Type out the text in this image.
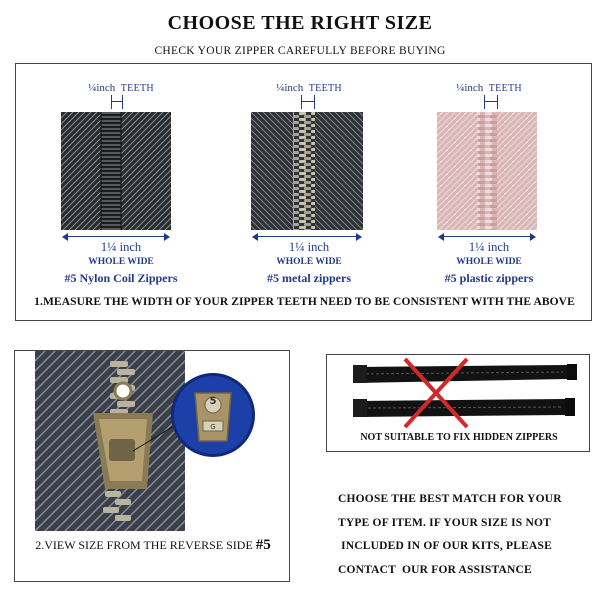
CHOOSE THE RIGHT SIZE
CHECK YOUR ZIPPER CAREFULLY BEFORE BUYING
¼inch TEETH
1¼ inch
WHOLE WIDE
#5 Nylon Coil Zippers
¼inch TEETH
1¼ inch
WHOLE WIDE
#5 metal zippers
¼inch TEETH
1¼ inch
WHOLE WIDE
#5 plastic zippers
1.MEASURE THE WIDTH OF YOUR ZIPPER TEETH NEED TO BE CONSISTENT WITH THE ABOVE
5
G
2.VIEW SIZE FROM THE REVERSE SIDE #5
NOT SUITABLE TO FIX HIDDEN ZIPPERS
CHOOSE THE BEST MATCH FOR YOUR
TYPE OF ITEM. IF YOUR SIZE IS NOT
INCLUDED IN OF OUR KITS, PLEASE
CONTACT  OUR FOR ASSISTANCE
